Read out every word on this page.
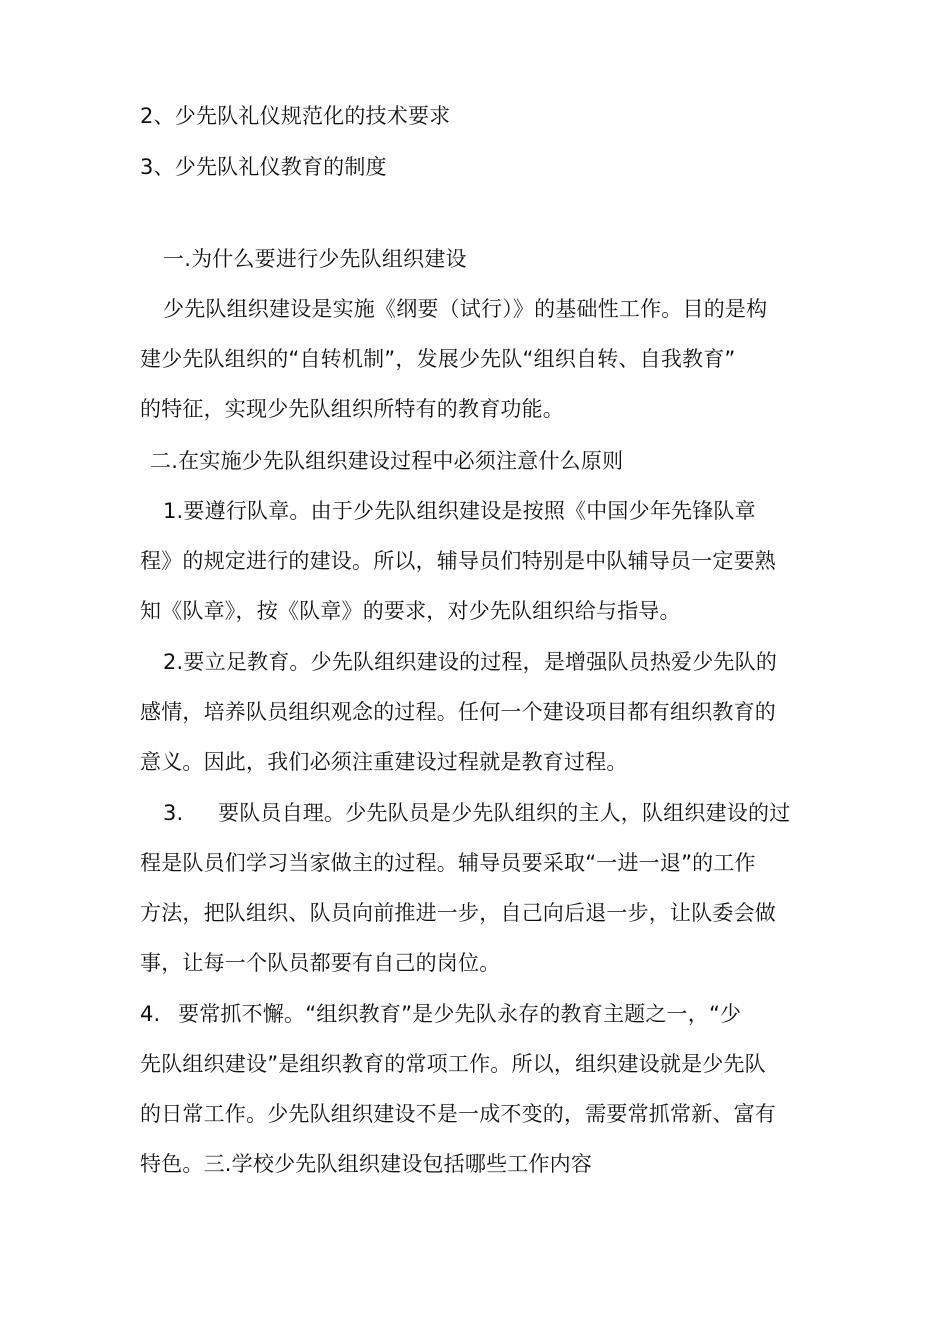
2、少先队礼仪规范化的技术要求
3、少先队礼仪教育的制度
一.为什么要进行少先队组织建设
少先队组织建设是实施《纲要（试行）》的基础性工作。目的是构
建少先队组织的“自转机制”，发展少先队“组织自转、自我教育”
的特征，实现少先队组织所特有的教育功能。
二.在实施少先队组织建设过程中必须注意什么原则
1.要遵行队章。由于少先队组织建设是按照《中国少年先锋队章
程》的规定进行的建设。所以，辅导员们特别是中队辅导员一定要熟
知《队章》，按《队章》的要求，对少先队组织给与指导。
2.要立足教育。少先队组织建设的过程，是增强队员热爱少先队的
感情，培养队员组织观念的过程。任何一个建设项目都有组织教育的
意义。因此，我们必须注重建设过程就是教育过程。
3. 要队员自理。少先队员是少先队组织的主人，队组织建设的过
程是队员们学习当家做主的过程。辅导员要采取“一进一退”的工作
方法，把队组织、队员向前推进一步，自己向后退一步，让队委会做
事，让每一个队员都要有自己的岗位。
4. 要常抓不懈。“组织教育”是少先队永存的教育主题之一，“少
先队组织建设”是组织教育的常项工作。所以，组织建设就是少先队
的日常工作。少先队组织建设不是一成不变的，需要常抓常新、富有
特色。三.学校少先队组织建设包括哪些工作内容
